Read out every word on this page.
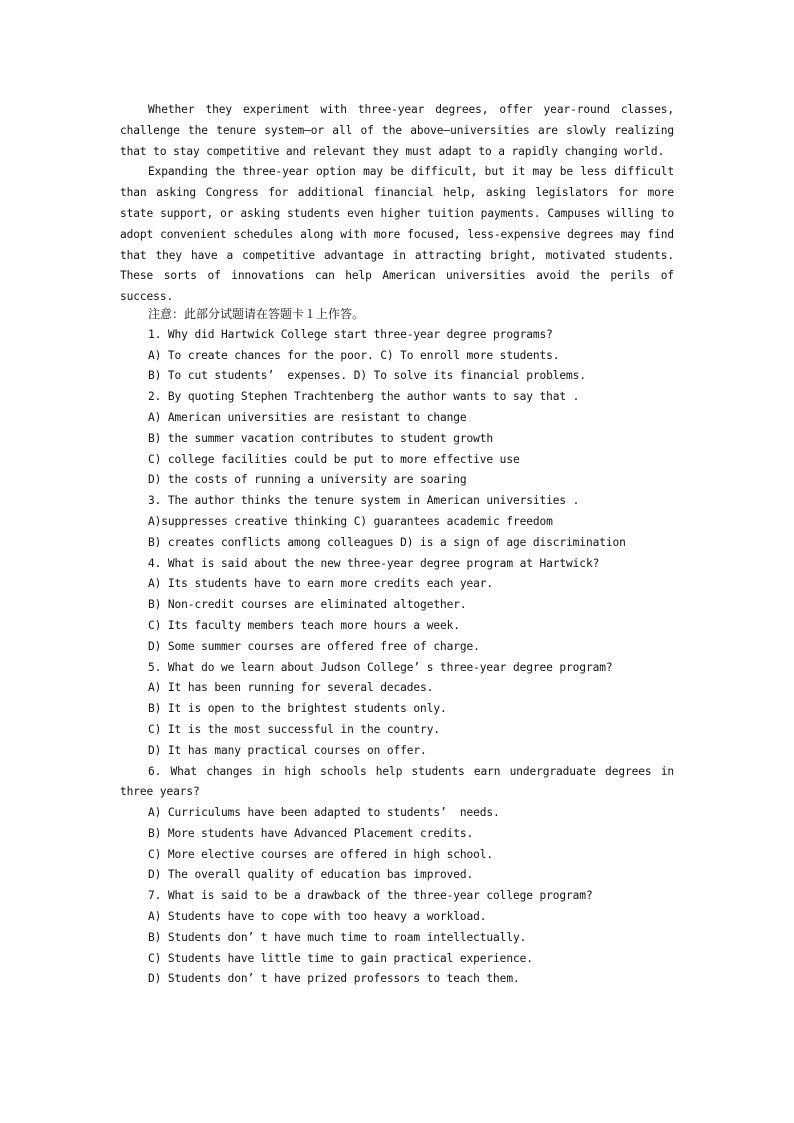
Whether they experiment with three-year degrees, offer year-round classes, challenge the tenure system—or all of the above—universities are slowly realizing that to stay competitive and relevant they must adapt to a rapidly changing world.

Expanding the three-year option may be difficult, but it may be less difficult than asking Congress for additional financial help, asking legislators for more state support, or asking students even higher tuition payments. Campuses willing to adopt convenient schedules along with more focused, less-expensive degrees may find that they have a competitive advantage in attracting bright, motivated students. These sorts of innovations can help American universities avoid the perils of success.

注意：此部分试题请在答题卡１上作答。

1. Why did Hartwick College start three-year degree programs?

A) To create chances for the poor. C) To enroll more students.

B) To cut students’  expenses. D) To solve its financial problems.

2. By quoting Stephen Trachtenberg the author wants to say that .

A) American universities are resistant to change

B) the summer vacation contributes to student growth

C) college facilities could be put to more effective use

D) the costs of running a university are soaring

3. The author thinks the tenure system in American universities .

A)suppresses creative thinking C) guarantees academic freedom

B) creates conflicts among colleagues D) is a sign of age discrimination

4. What is said about the new three-year degree program at Hartwick?

A) Its students have to earn more credits each year.

B) Non-credit courses are eliminated altogether.

C) Its faculty members teach more hours a week.

D) Some summer courses are offered free of charge.

5. What do we learn about Judson College’ s three-year degree program?

A) It has been running for several decades.

B) It is open to the brightest students only.

C) It is the most successful in the country.

D) It has many practical courses on offer.

6. What changes in high schools help students earn undergraduate degrees in three years?

A) Curriculums have been adapted to students’  needs.

B) More students have Advanced Placement credits.

C) More elective courses are offered in high school.

D) The overall quality of education bas improved.

7. What is said to be a drawback of the three-year college program?

A) Students have to cope with too heavy a workload.

B) Students don’ t have much time to roam intellectually.

C) Students have little time to gain practical experience.

D) Students don’ t have prized professors to teach them.
